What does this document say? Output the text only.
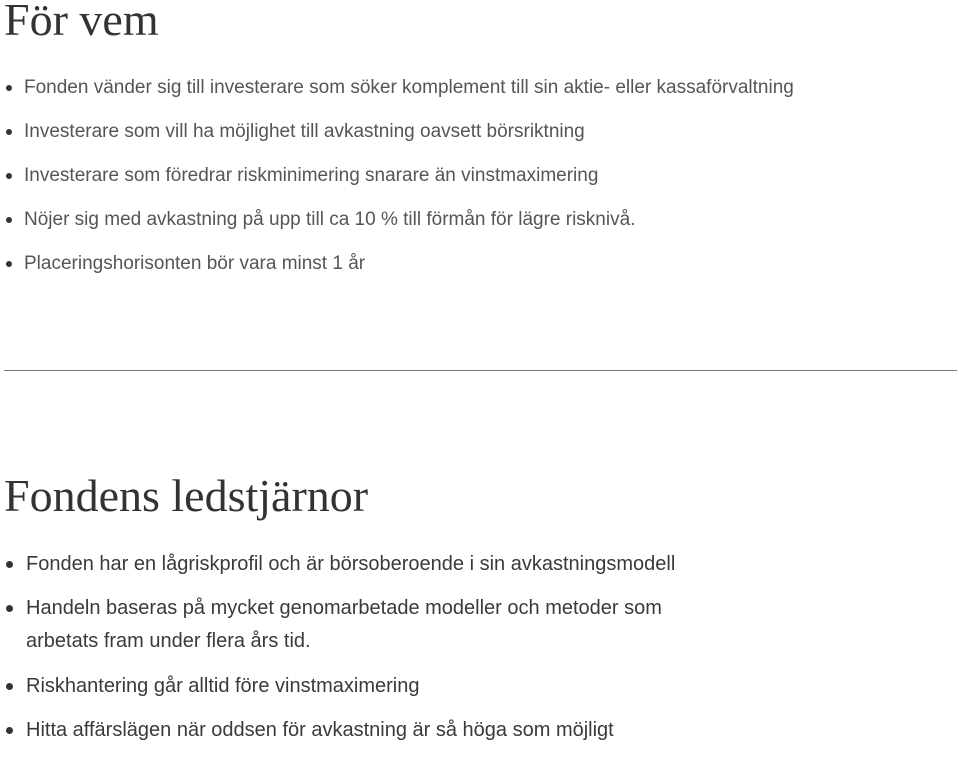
För vem
Fonden vänder sig till investerare som söker komplement till sin aktie- eller kassaförvaltning
Investerare som vill ha möjlighet till avkastning oavsett börsriktning
Investerare som föredrar riskminimering snarare än vinstmaximering
Nöjer sig med avkastning på upp till ca 10 % till förmån för lägre risknivå.
Placeringshorisonten bör vara minst 1 år
Fondens ledstjärnor
Fonden har en lågriskprofil och är börsoberoende i sin avkastningsmodell
Handeln baseras på mycket genomarbetade modeller och metoder som
arbetats fram under flera års tid.
Riskhantering går alltid före vinstmaximering
Hitta affärslägen när oddsen för avkastning är så höga som möjligt
